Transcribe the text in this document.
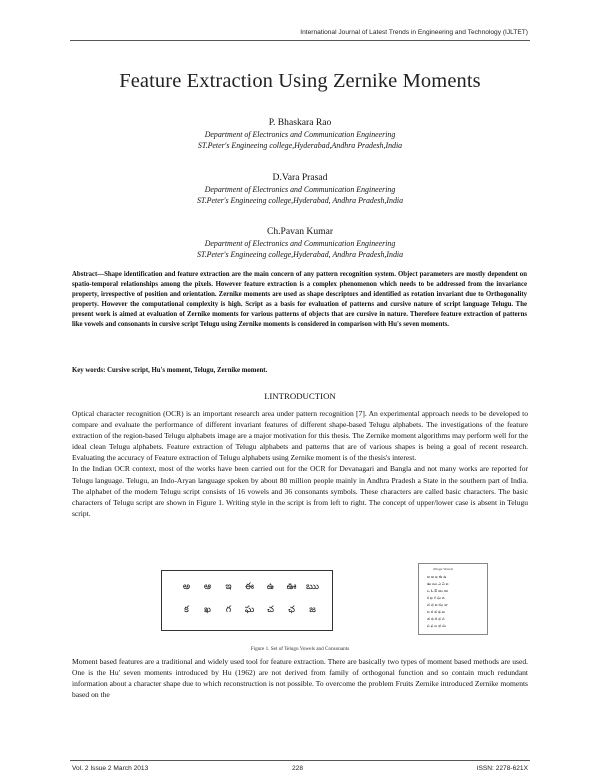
International Journal of Latest Trends in Engineering and Technology (IJLTET)
Feature Extraction Using Zernike Moments
P. Bhaskara Rao
Department of Electronics and Communication Engineering
ST.Peter's Engineeing college,Hyderabad,Andhra Pradesh,India
D.Vara Prasad
Department of Electronics and Communication Engineering
ST.Peter's Engineeing college,Hyderabad, Andhra Pradesh,India
Ch.Pavan Kumar
Department of Electronics and Communication Engineering
ST.Peter's Engineeing college,Hyderabad, Andhra Pradesh,India
Abstract—Shape identification and feature extraction are the main concern of any pattern recognition system. Object parameters are mostly dependent on spatio-temporal relationships among the pixels. However feature extraction is a complex phenomenon which needs to be addressed from the invariance property, irrespective of position and orientation. Zernike moments are used as shape descriptors and identified as rotation invariant due to Orthogonality property. However the computational complexity is high. Script as a basis for evaluation of patterns and cursive nature of script language Telugu. The present work is aimed at evaluation of Zernike moments for various patterns of objects that are cursive in nature. Therefore feature extraction of patterns like vowels and consonants in cursive script Telugu using Zernike moments is considered in comparison with Hu's seven moments.
Key words: Cursive script, Hu's moment, Telugu, Zernike moment.
I.INTRODUCTION

Optical character recognition (OCR) is an important research area under pattern recognition [7]. An experimental approach needs to be developed to compare and evaluate the performance of different invariant features of different shape-based Telugu alphabets. The investigations of the feature extraction of the region-based Telugu alphabets image are a major motivation for this thesis. The Zernike moment algorithms may perform well for the ideal clean Telugu alphabets. Feature extraction of Telugu alphabets and patterns that are of various shapes is being a goal of recent research. Evaluating the accuracy of Feature extraction of Telugu alphabets using Zernike moment is of the thesis's interest.

In the Indian OCR context, most of the works have been carried out for the OCR for Devanagari and Bangla and not many works are reported for Telugu language. Telugu, an Indo-Aryan language spoken by about 80 million people mainly in Andhra Pradesh a State in the southern part of India. The alphabet of the modern Telugu script consists of 16 vowels and 36 consonants symbols. These characters are called basic characters. The basic characters of Telugu script are shown in Figure 1. Writing style in the script is from left to right. The concept of upper/lower case is absent in Telugu script.

అ ఆ ఇ ఈ ఉ ఊ ఋ
క ఖ గ ఘ చ ఛ జ
Telugu Vowels
అ ఆ ఇ ఈ ఉ
ఊ ఋ ఎ ఏ ఐ
ఒ ఓ ఔ అం అః
క ఖ గ ఘ ఙ
చ ఛ జ ఝ ఞ
ట ఠ డ ఢ ణ
త థ ద ధ న
ప ఫ బ భ మ
Figure 1. Set of Telugu Vowels and Consonants

Moment based features are a traditional and widely used tool for feature extraction. There are basically two types of moment based methods are used. One is the Hu' seven moments introduced by Hu (1962) are not derived from family of orthogonal function and so contain much redundant information about a character shape due to which reconstruction is not possible. To overcome the problem Fruits Zernike introduced Zernike moments based on the

Vol. 2 Issue 2 March 2013	228	ISSN: 2278-621X
